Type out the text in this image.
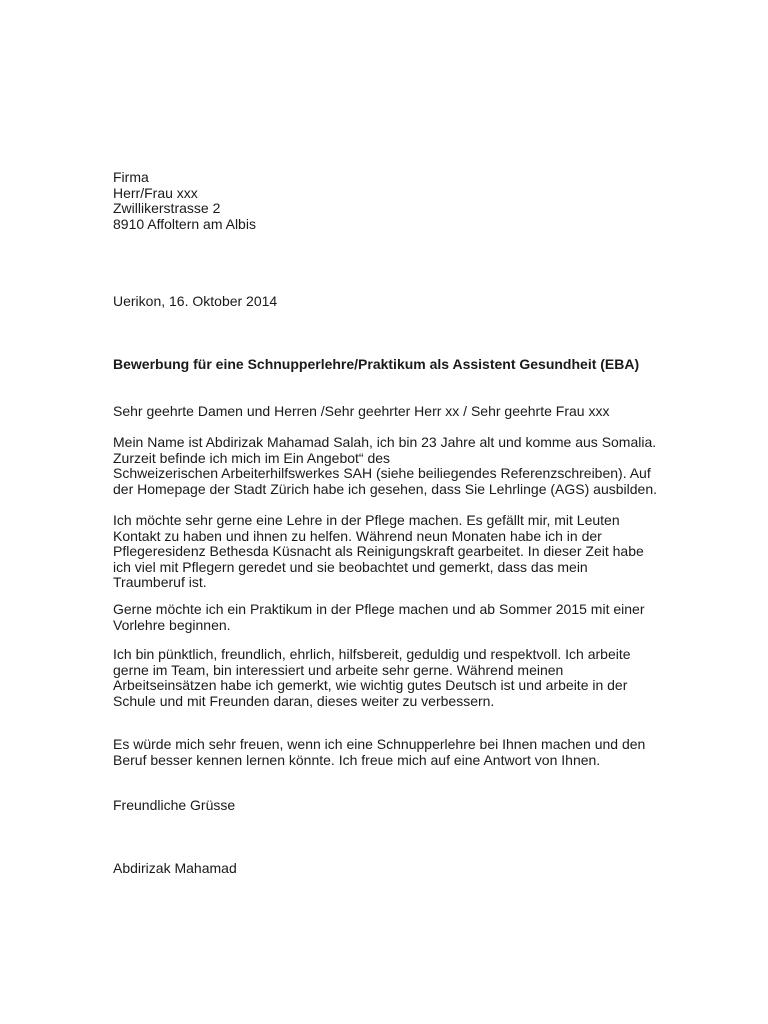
Firma
Herr/Frau xxx
Zwillikerstrasse 2
8910 Affoltern am Albis
Uerikon, 16. Oktober 2014
Bewerbung für eine Schnupperlehre/Praktikum als Assistent Gesundheit (EBA)
Sehr geehrte Damen und Herren /Sehr geehrter Herr xx / Sehr geehrte Frau xxx
Mein Name ist Abdirizak Mahamad Salah, ich bin 23 Jahre alt und komme aus Somalia.
Zurzeit befinde ich mich im Ein Angebot“ des
Schweizerischen Arbeiterhilfswerkes SAH (siehe beiliegendes Referenzschreiben). Auf
der Homepage der Stadt Zürich habe ich gesehen, dass Sie Lehrlinge (AGS) ausbilden.
Ich möchte sehr gerne eine Lehre in der Pflege machen. Es gefällt mir, mit Leuten
Kontakt zu haben und ihnen zu helfen. Während neun Monaten habe ich in der
Pflegeresidenz Bethesda Küsnacht als Reinigungskraft gearbeitet. In dieser Zeit habe
ich viel mit Pflegern geredet und sie beobachtet und gemerkt, dass das mein
Traumberuf ist.
Gerne möchte ich ein Praktikum in der Pflege machen und ab Sommer 2015 mit einer
Vorlehre beginnen.
Ich bin pünktlich, freundlich, ehrlich, hilfsbereit, geduldig und respektvoll. Ich arbeite
gerne im Team, bin interessiert und arbeite sehr gerne. Während meinen
Arbeitseinsätzen habe ich gemerkt, wie wichtig gutes Deutsch ist und arbeite in der
Schule und mit Freunden daran, dieses weiter zu verbessern.
Es würde mich sehr freuen, wenn ich eine Schnupperlehre bei Ihnen machen und den
Beruf besser kennen lernen könnte. Ich freue mich auf eine Antwort von Ihnen.
Freundliche Grüsse
Abdirizak Mahamad
